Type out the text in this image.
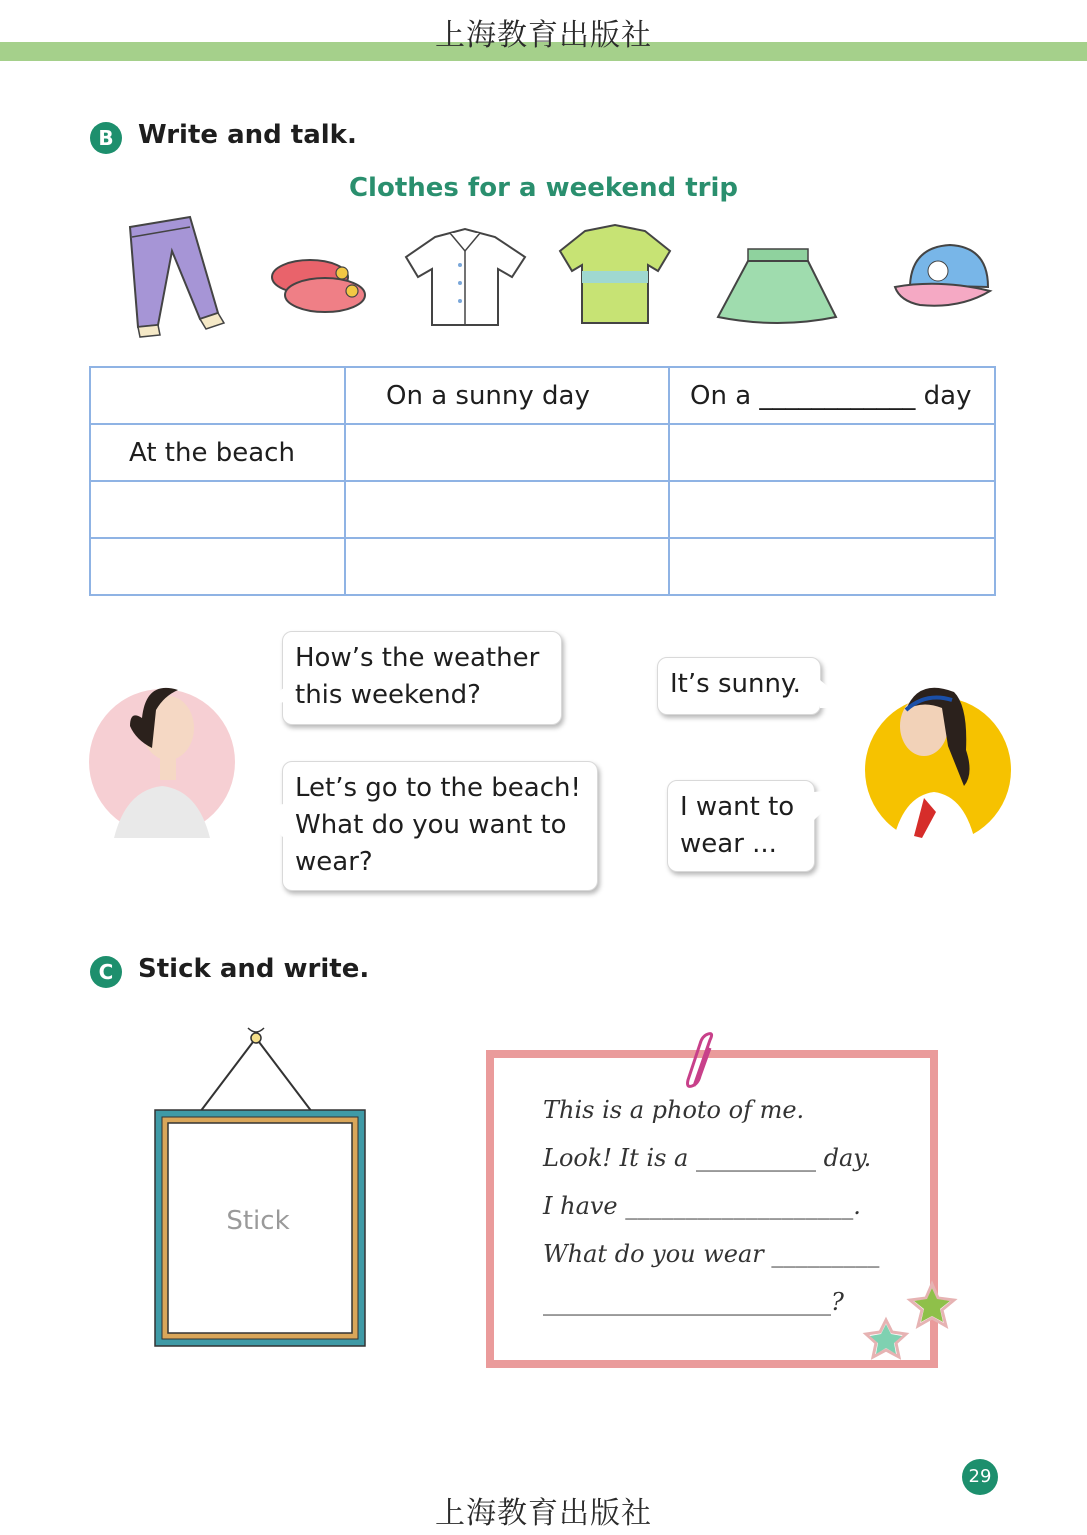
上海教育出版社
B Write and talk.
Clothes for a weekend trip
	On a sunny day	On a ____________ day
At the beach		

How’s the weather this weekend?
Let’s go to the beach! What do you want to wear?
It’s sunny.
I want to wear ...
C Stick and write.
Stick
This is a photo of me.
Look! It is a __________ day.
I have ___________________.
What do you wear _________
________________________?
29
上海教育出版社
